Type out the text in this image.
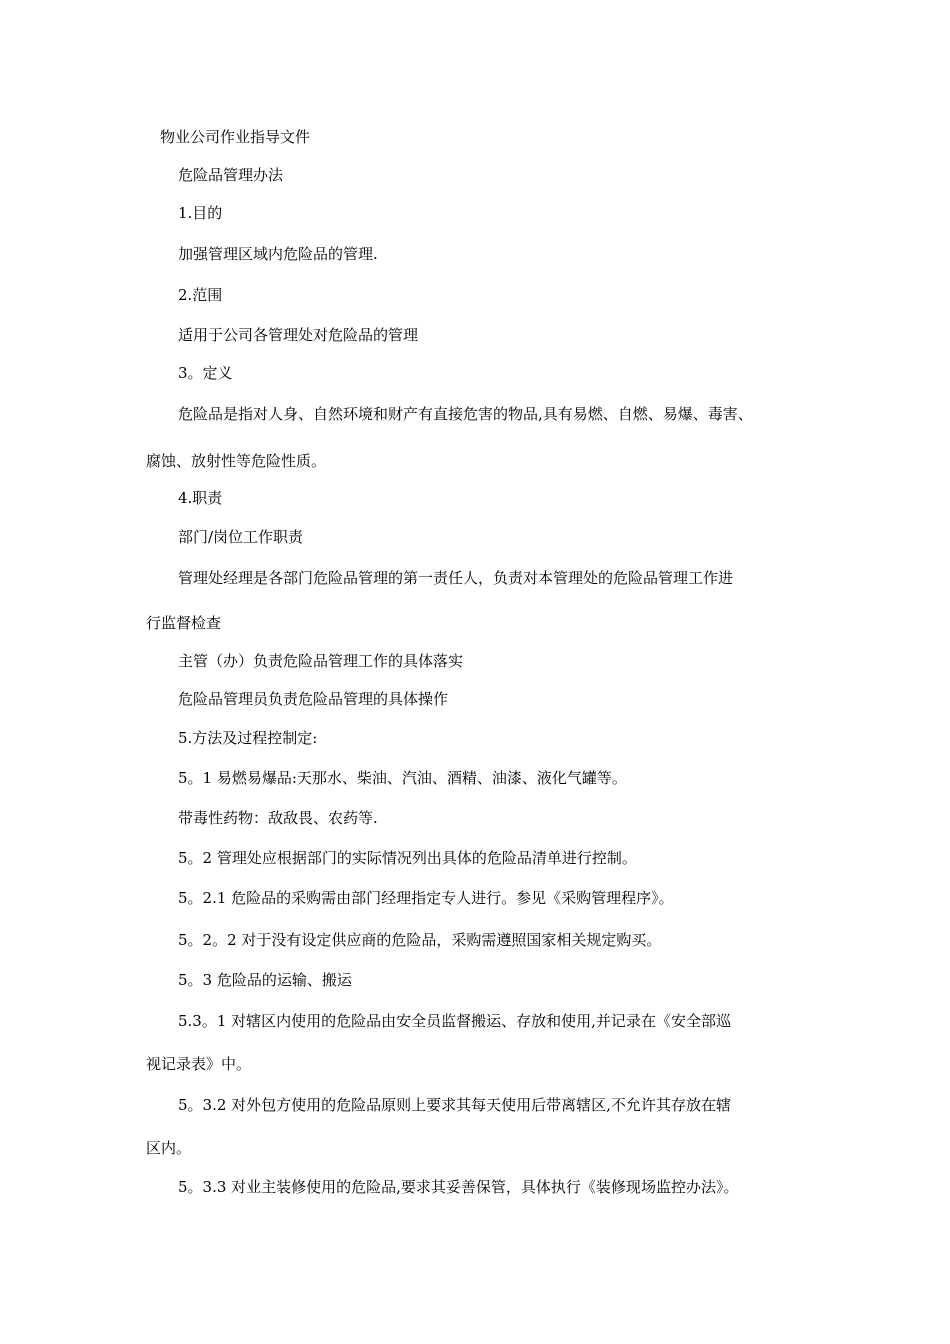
物业公司作业指导文件
危险品管理办法
1.目的
加强管理区域内危险品的管理.
2.范围
适用于公司各管理处对危险品的管理
3。定义
危险品是指对人身、自然环境和财产有直接危害的物品,具有易燃、自燃、易爆、毒害、
腐蚀、放射性等危险性质。
4.职责
部门/岗位工作职责
管理处经理是各部门危险品管理的第一责任人，负责对本管理处的危险品管理工作进
行监督检查
主管（办）负责危险品管理工作的具体落实
危险品管理员负责危险品管理的具体操作
5.方法及过程控制定:
5。1 易燃易爆品:天那水、柴油、汽油、酒精、油漆、液化气罐等。
带毒性药物：敌敌畏、农药等.
5。2 管理处应根据部门的实际情况列出具体的危险品清单进行控制。
5。2.1 危险品的采购需由部门经理指定专人进行。参见《采购管理程序》。
5。2。2 对于没有设定供应商的危险品，采购需遵照国家相关规定购买。
5。3 危险品的运输、搬运
5.3。1 对辖区内使用的危险品由安全员监督搬运、存放和使用,并记录在《安全部巡
视记录表》中。
5。3.2 对外包方使用的危险品原则上要求其每天使用后带离辖区,不允许其存放在辖
区内。
5。3.3 对业主装修使用的危险品,要求其妥善保管，具体执行《装修现场监控办法》。
